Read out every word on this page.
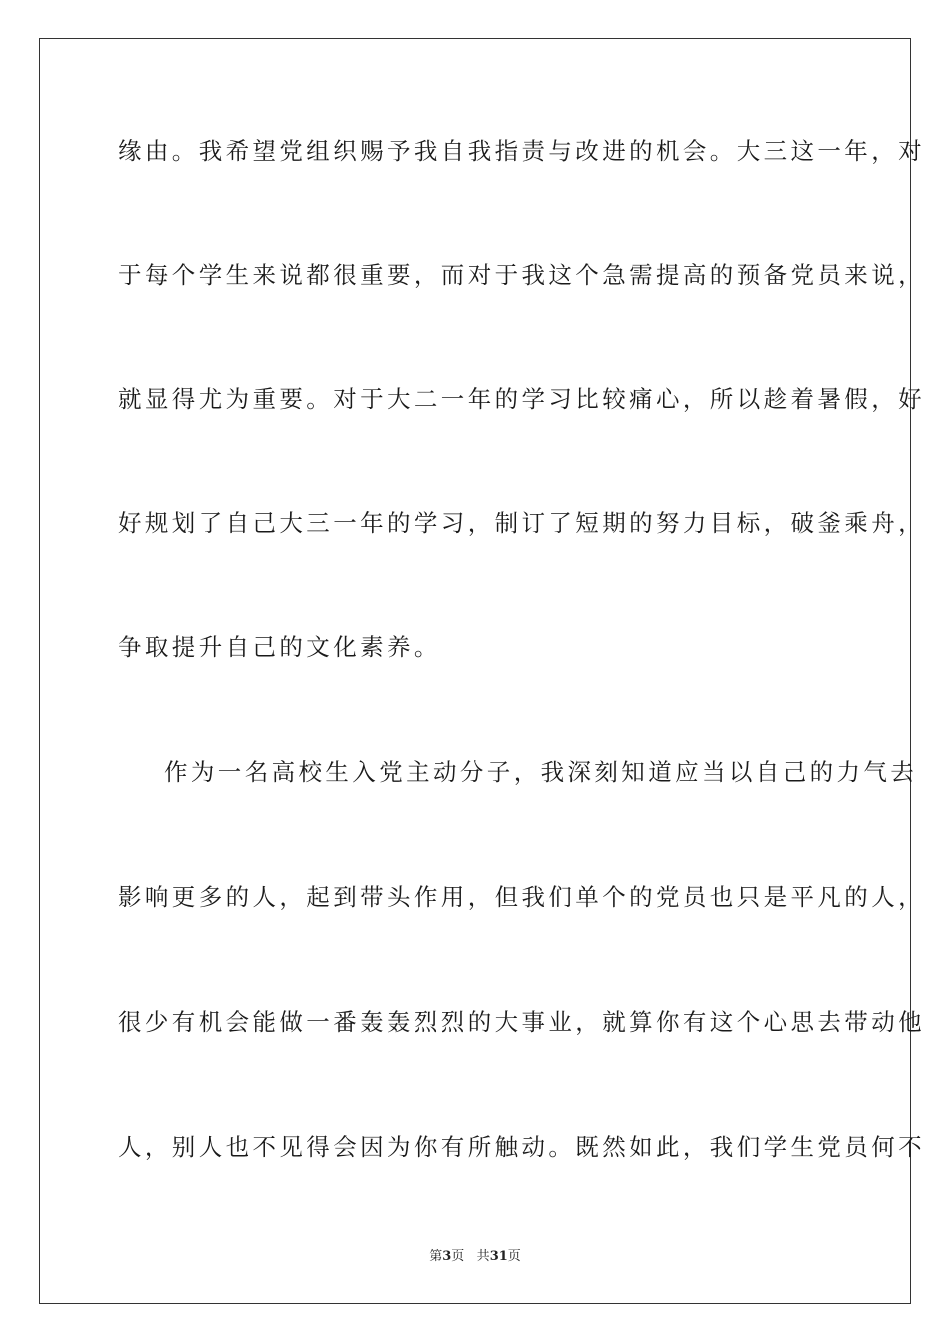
缘由。我希望党组织赐予我自我指责与改进的机会。大三这一年，对
于每个学生来说都很重要，而对于我这个急需提高的预备党员来说，
就显得尤为重要。对于大二一年的学习比较痛心，所以趁着暑假，好
好规划了自己大三一年的学习，制订了短期的努力目标，破釜乘舟，
争取提升自己的文化素养。
作为一名高校生入党主动分子，我深刻知道应当以自己的力气去
影响更多的人，起到带头作用，但我们单个的党员也只是平凡的人，
很少有机会能做一番轰轰烈烈的大事业，就算你有这个心思去带动他
人，别人也不见得会因为你有所触动。既然如此，我们学生党员何不
第3页 共31页
